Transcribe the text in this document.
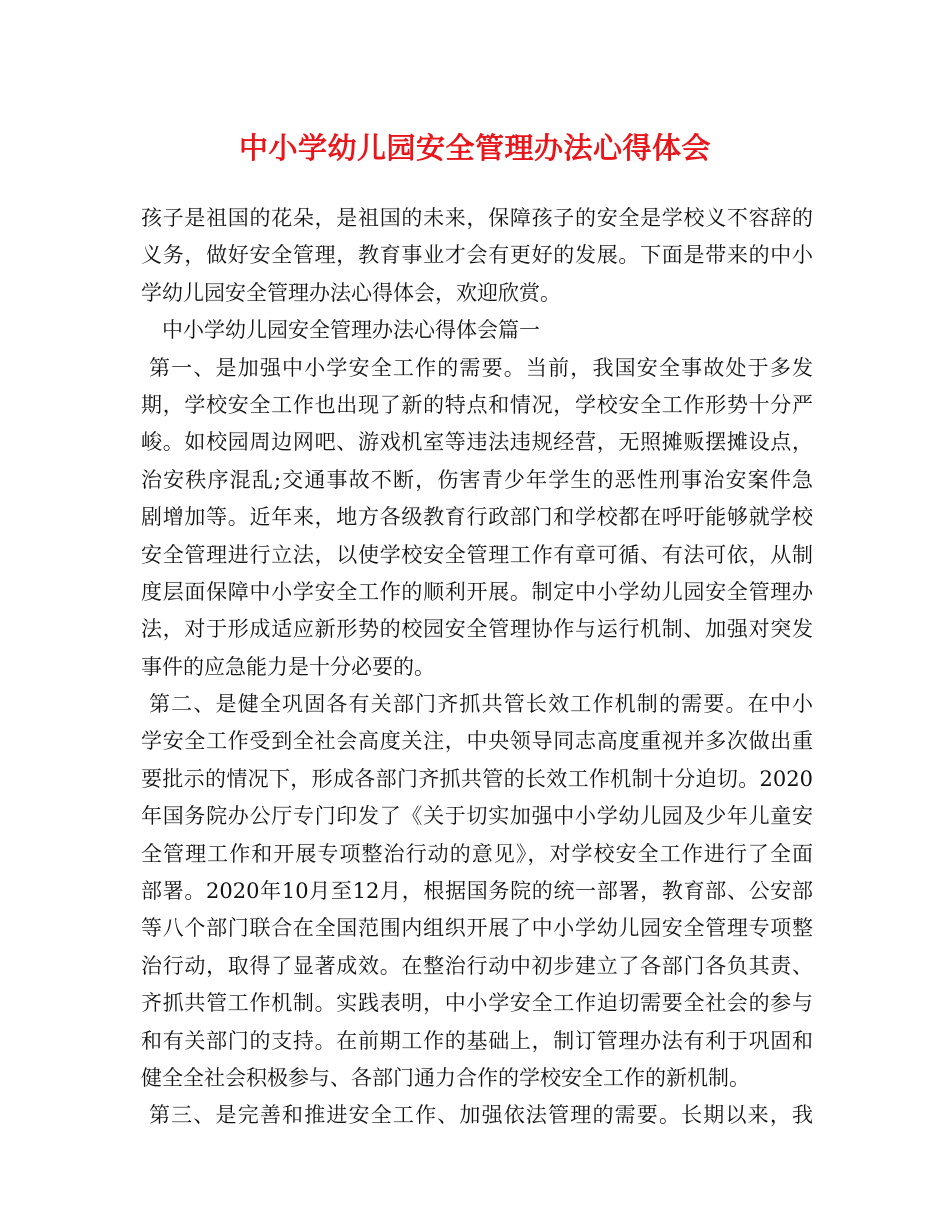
中小学幼儿园安全管理办法心得体会
孩子是祖国的花朵，是祖国的未来，保障孩子的安全是学校义不容辞的
义务，做好安全管理，教育事业才会有更好的发展。下面是带来的中小
学幼儿园安全管理办法心得体会，欢迎欣赏。
中小学幼儿园安全管理办法心得体会篇一
第一、是加强中小学安全工作的需要。当前，我国安全事故处于多发
期，学校安全工作也出现了新的特点和情况，学校安全工作形势十分严
峻。如校园周边网吧、游戏机室等违法违规经营，无照摊贩摆摊设点，
治安秩序混乱;交通事故不断，伤害青少年学生的恶性刑事治安案件急
剧增加等。近年来，地方各级教育行政部门和学校都在呼吁能够就学校
安全管理进行立法，以使学校安全管理工作有章可循、有法可依，从制
度层面保障中小学安全工作的顺利开展。制定中小学幼儿园安全管理办
法，对于形成适应新形势的校园安全管理协作与运行机制、加强对突发
事件的应急能力是十分必要的。
第二、是健全巩固各有关部门齐抓共管长效工作机制的需要。在中小
学安全工作受到全社会高度关注，中央领导同志高度重视并多次做出重
要批示的情况下，形成各部门齐抓共管的长效工作机制十分迫切。2020
年国务院办公厅专门印发了《关于切实加强中小学幼儿园及少年儿童安
全管理工作和开展专项整治行动的意见》，对学校安全工作进行了全面
部署。2020年10月至12月，根据国务院的统一部署，教育部、公安部
等八个部门联合在全国范围内组织开展了中小学幼儿园安全管理专项整
治行动，取得了显著成效。在整治行动中初步建立了各部门各负其责、
齐抓共管工作机制。实践表明，中小学安全工作迫切需要全社会的参与
和有关部门的支持。在前期工作的基础上，制订管理办法有利于巩固和
健全全社会积极参与、各部门通力合作的学校安全工作的新机制。
第三、是完善和推进安全工作、加强依法管理的需要。长期以来，我
